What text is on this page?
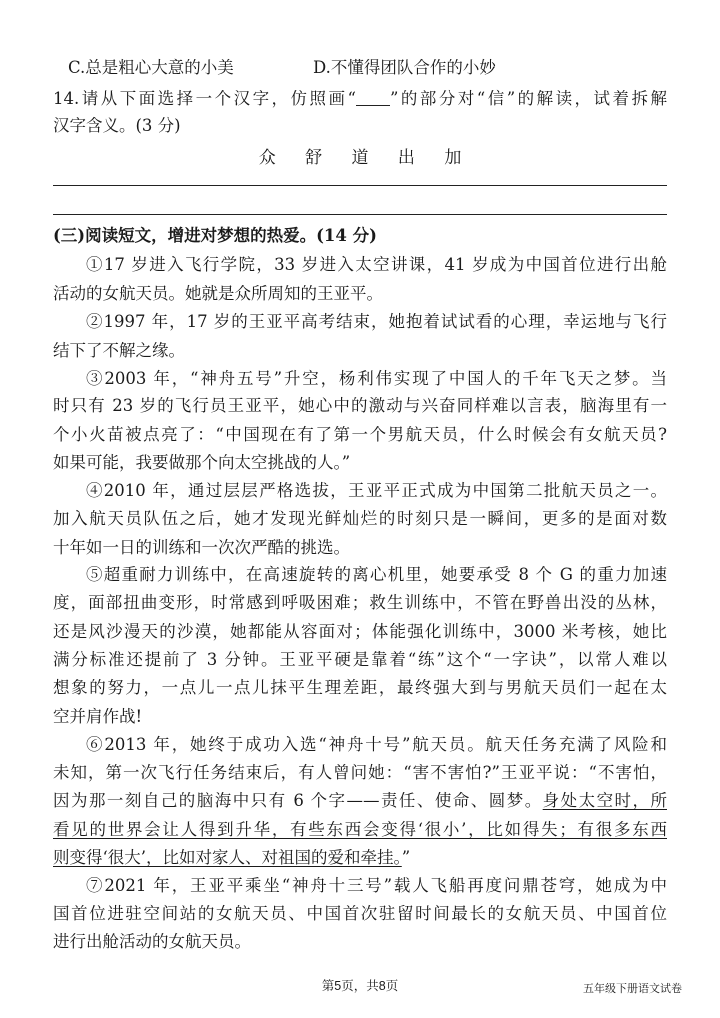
C.总是粗心大意的小美	D.不懂得团队合作的小妙
14.请从下面选择一个汉字，仿照画“ ”的部分对“信”的解读，试着拆解
汉字含义。(3 分)
众 舒 道 出 加
(三)阅读短文，增进对梦想的热爱。(14 分)
①17 岁进入飞行学院，33 岁进入太空讲课，41 岁成为中国首位进行出舱
活动的女航天员。她就是众所周知的王亚平。
②1997 年，17 岁的王亚平高考结束，她抱着试试看的心理，幸运地与飞行
结下了不解之缘。
③2003 年，“神舟五号”升空，杨利伟实现了中国人的千年飞天之梦。当
时只有 23 岁的飞行员王亚平，她心中的激动与兴奋同样难以言表，脑海里有一
个小火苗被点亮了：“中国现在有了第一个男航天员，什么时候会有女航天员?
如果可能，我要做那个向太空挑战的人。”
④2010 年，通过层层严格选拔，王亚平正式成为中国第二批航天员之一。
加入航天员队伍之后，她才发现光鲜灿烂的时刻只是一瞬间，更多的是面对数
十年如一日的训练和一次次严酷的挑选。
⑤超重耐力训练中，在高速旋转的离心机里，她要承受 8 个 G 的重力加速
度，面部扭曲变形，时常感到呼吸困难；救生训练中，不管在野兽出没的丛林，
还是风沙漫天的沙漠，她都能从容面对；体能强化训练中，3000 米考核，她比
满分标准还提前了 3 分钟。王亚平硬是靠着“练”这个“一字诀”，以常人难以
想象的努力，一点儿一点儿抹平生理差距，最终强大到与男航天员们一起在太
空并肩作战!
⑥2013 年，她终于成功入选“神舟十号”航天员。航天任务充满了风险和
未知，第一次飞行任务结束后，有人曾问她：“害不害怕?”王亚平说：“不害怕，
因为那一刻自己的脑海中只有 6 个字——责任、使命、圆梦。身处太空时，所
看见的世界会让人得到升华，有些东西会变得‘很小’，比如得失；有很多东西
则变得‘很大’，比如对家人、对祖国的爱和牵挂。”
⑦2021 年，王亚平乘坐“神舟十三号”载人飞船再度问鼎苍穹，她成为中
国首位进驻空间站的女航天员、中国首次驻留时间最长的女航天员、中国首位
进行出舱活动的女航天员。
第5页，共8页	五年级下册语文试卷
